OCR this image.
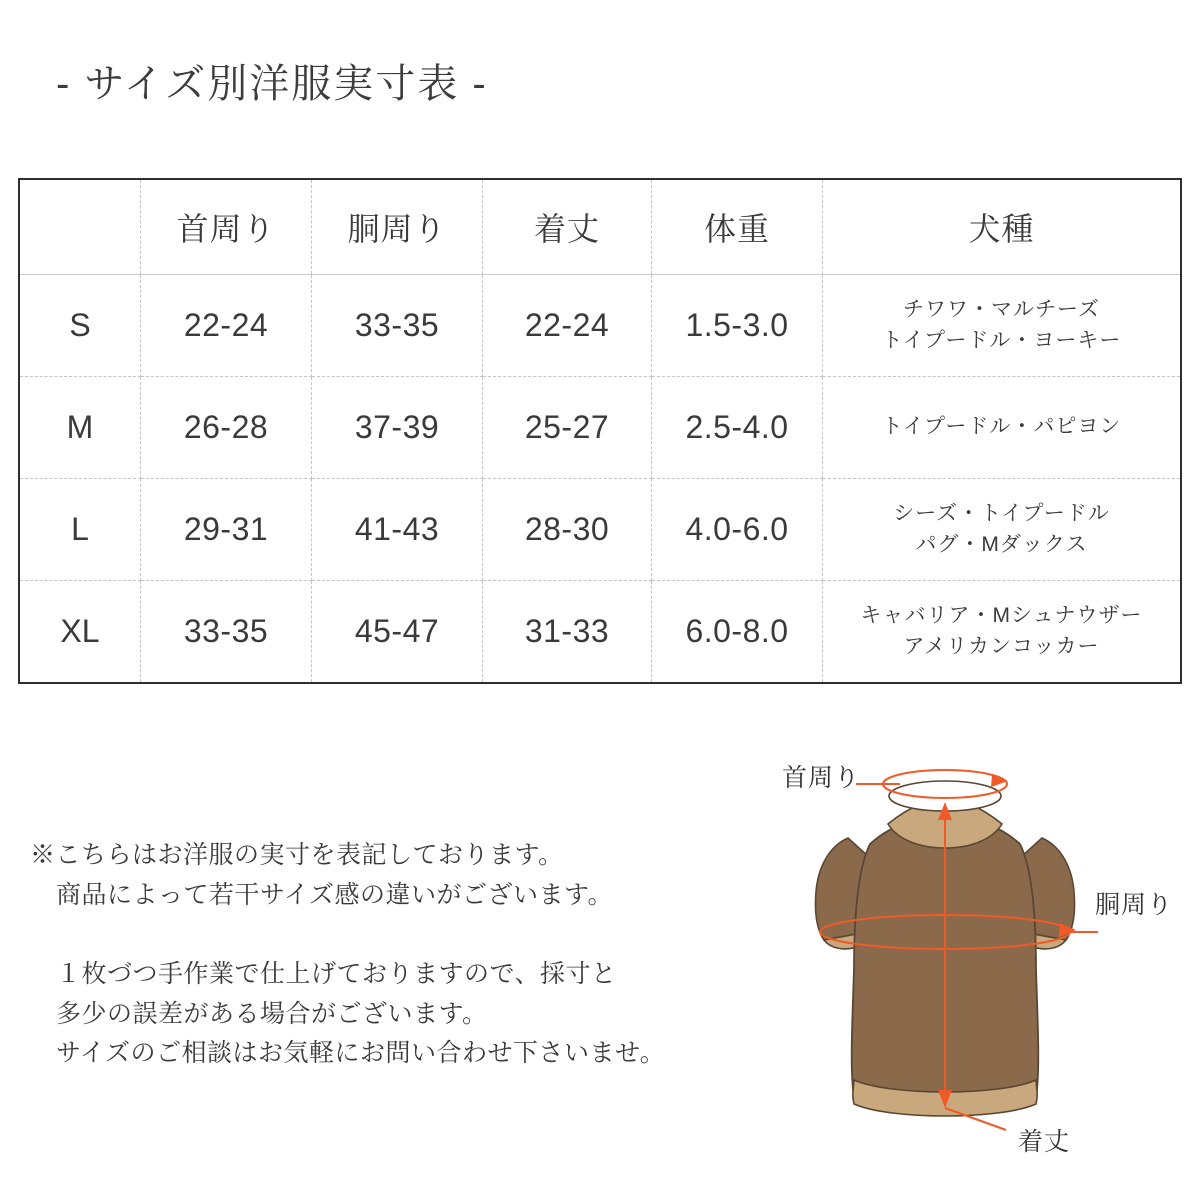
- サイズ別洋服実寸表 -
	首周り	胴周り	着丈	体重	犬種
S	22-24	33-35	22-24	1.5-3.0	チワワ・マルチーズ
トイプードル・ヨーキー

M	26-28	37-39	25-27	2.5-4.0	トイプードル・パピヨン

L	29-31	41-43	28-30	4.0-6.0	シーズ・トイプードル
パグ・Mダックス

XL	33-35	45-47	31-33	6.0-8.0	キャバリア・Mシュナウザー
アメリカンコッカー

※こちらはお洋服の実寸を表記しております。

商品によって若干サイズ感の違いがございます。

１枚づつ手作業で仕上げておりますので、採寸と

多少の誤差がある場合がございます。

サイズのご相談はお気軽にお問い合わせ下さいませ。

首周り
胴周り
着丈
